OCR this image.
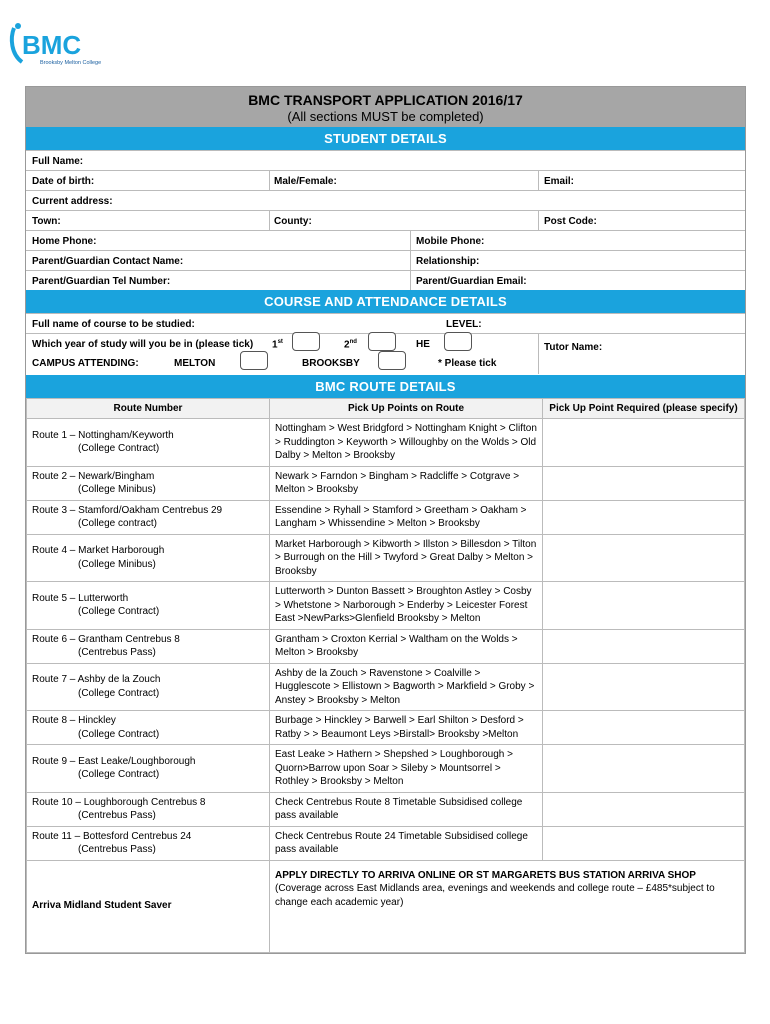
BMC
Brooksby Melton College
BMC TRANSPORT APPLICATION 2016/17
(All sections MUST be completed)
STUDENT DETAILS
Full Name:
Date of birth:	Male/Female:	Email:
Current address:
Town:	County:	Post Code:
Home Phone:	Mobile Phone:
Parent/Guardian Contact Name:	Relationship:
Parent/Guardian Tel Number:	Parent/Guardian Email:
COURSE AND ATTENDANCE DETAILS
Full name of course to be studied:	LEVEL:
Which year of study will you be in (please tick) 1st	2nd	HE	Tutor Name:
CAMPUS ATTENDING:	MELTON	BROOKSBY	* Please tick
BMC ROUTE DETAILS
Route Number	Pick Up Points on Route	Pick Up Point Required (please specify)

Route 1 – Nottingham/Keyworth
(College Contract)	Nottingham > West Bridgford > Nottingham Knight > Clifton > Ruddington > Keyworth > Willoughby on the Wolds > Old Dalby > Melton > Brooksby	

Route 2 – Newark/Bingham
(College Minibus)	Newark > Farndon > Bingham > Radcliffe > Cotgrave > Melton > Brooksby	

Route 3 – Stamford/Oakham Centrebus 29
(College contract)	Essendine > Ryhall > Stamford > Greetham > Oakham > Langham > Whissendine > Melton > Brooksby	

Route 4 – Market Harborough
(College Minibus)	Market Harborough > Kibworth > Illston > Billesdon > Tilton > Burrough on the Hill > Twyford > Great Dalby > Melton > Brooksby	

Route 5 – Lutterworth
(College Contract)	Lutterworth > Dunton Bassett > Broughton Astley > Cosby > Whetstone > Narborough > Enderby > Leicester Forest East >NewParks>Glenfield Brooksby > Melton	

Route 6 – Grantham Centrebus 8
(Centrebus Pass)	Grantham > Croxton Kerrial > Waltham on the Wolds > Melton > Brooksby	

Route 7 – Ashby de la Zouch
(College Contract)	Ashby de la Zouch > Ravenstone > Coalville > Hugglescote > Ellistown > Bagworth > Markfield > Groby > Anstey > Brooksby > Melton	

Route 8 – Hinckley
(College Contract)	Burbage > Hinckley > Barwell > Earl Shilton > Desford > Ratby > > Beaumont Leys >Birstall> Brooksby >Melton	

Route 9 – East Leake/Loughborough
(College Contract)	East Leake > Hathern > Shepshed > Loughborough > Quorn>Barrow upon Soar > Sileby > Mountsorrel > Rothley > Brooksby > Melton	

Route 10 – Loughborough Centrebus 8
(Centrebus Pass)	Check Centrebus Route 8 Timetable Subsidised college pass available	

Route 11 – Bottesford Centrebus 24
(Centrebus Pass)	Check Centrebus Route 24 Timetable Subsidised college pass available	
Arriva Midland Student Saver	APPLY DIRECTLY TO ARRIVA ONLINE OR ST MARGARETS BUS STATION ARRIVA SHOP
(Coverage across East Midlands area, evenings and weekends and college route – £485*subject to change each academic year)	
